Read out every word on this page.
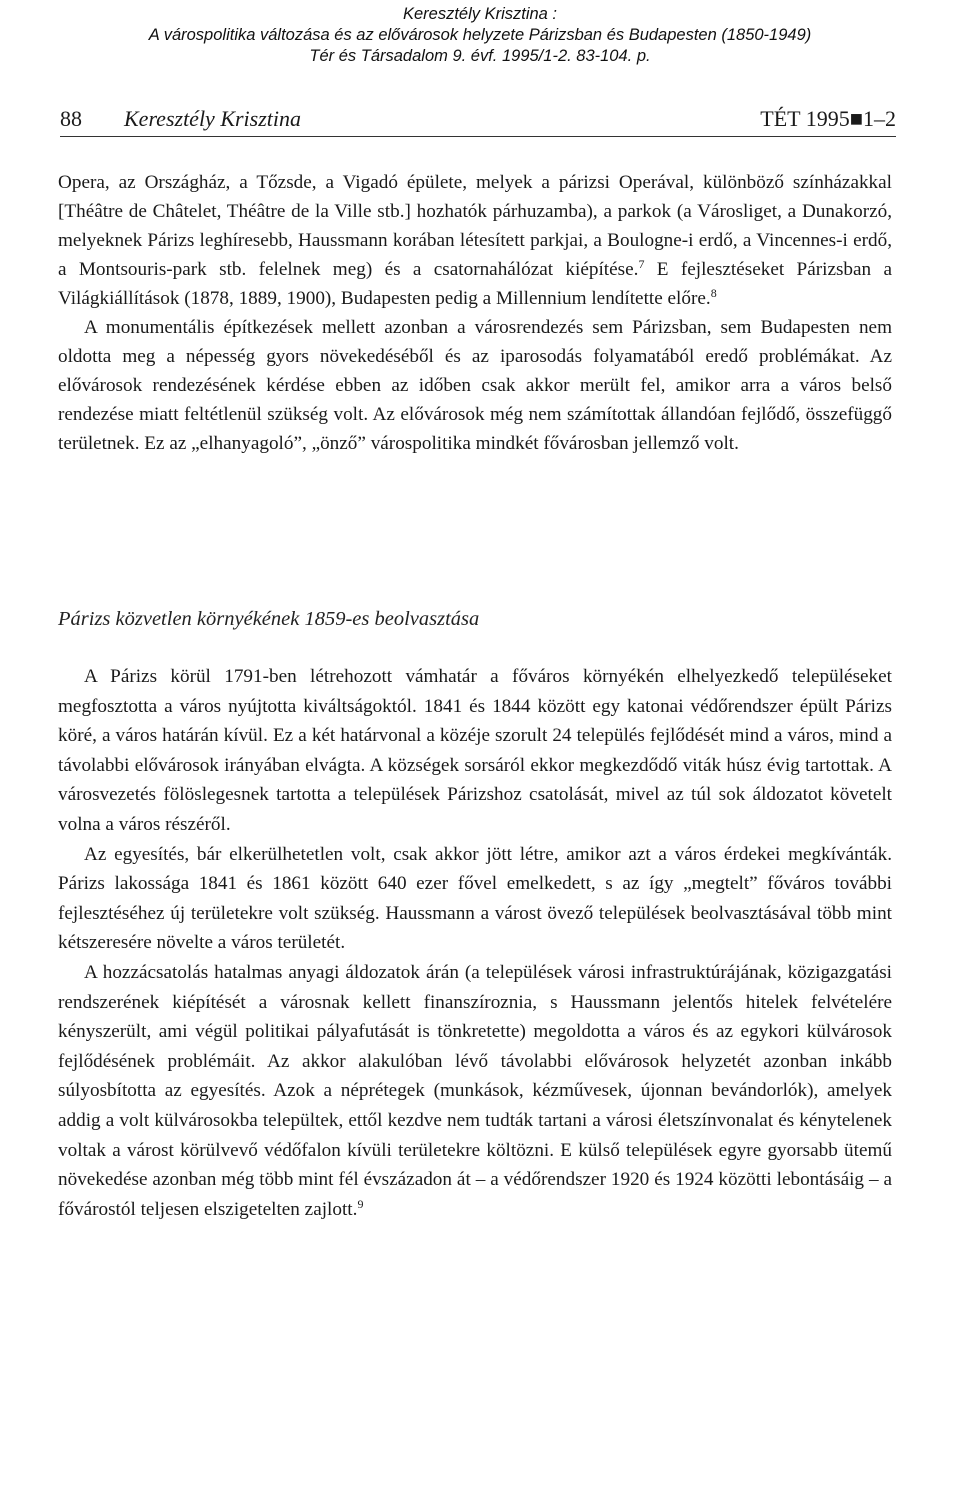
Keresztély Krisztina :
A várospolitika változása és az elővárosok helyzete Párizsban és Budapesten (1850-1949)
Tér és Társadalom 9. évf. 1995/1-2. 83-104. p.
88 Keresztély Krisztina	TÉT 1995■1–2

Opera, az Országház, a Tőzsde, a Vigadó épülete, melyek a párizsi Operával, különböző színházakkal [Théâtre de Châtelet, Théâtre de la Ville stb.] hozhatók párhuzamba), a parkok (a Városliget, a Dunakorzó, melyeknek Párizs leghíresebb, Haussmann korában létesített parkjai, a Boulogne-i erdő, a Vincennes-i erdő, a Montsouris-park stb. felelnek meg) és a csatornahálózat kiépítése.$^7$ E fejlesztéseket Párizsban a Világkiállítások (1878, 1889, 1900), Budapesten pedig a Millennium lendítette előre.$^8$

A monumentális építkezések mellett azonban a városrendezés sem Párizsban, sem Budapesten nem oldotta meg a népesség gyors növekedéséből és az iparosodás folyamatából eredő problémákat. Az elővárosok rendezésének kérdése ebben az időben csak akkor merült fel, amikor arra a város belső rendezése miatt feltétlenül szükség volt. Az elővárosok még nem számítottak állandóan fejlődő, összefüggő területnek. Ez az „elhanyagoló”, „önző” várospolitika mindkét fővárosban jellemző volt.

Párizs közvetlen környékének 1859-es beolvasztása

A Párizs körül 1791-ben létrehozott vámhatár a főváros környékén elhelyezkedő településeket megfosztotta a város nyújtotta kiváltságoktól. 1841 és 1844 között egy katonai védőrendszer épült Párizs köré, a város határán kívül. Ez a két határvonal a közéje szorult 24 település fejlődését mind a város, mind a távolabbi elővárosok irányában elvágta. A községek sorsáról ekkor megkezdődő viták húsz évig tartottak. A városvezetés fölöslegesnek tartotta a települések Párizshoz csatolását, mivel az túl sok áldozatot követelt volna a város részéről.

Az egyesítés, bár elkerülhetetlen volt, csak akkor jött létre, amikor azt a város érdekei megkívánták. Párizs lakossága 1841 és 1861 között 640 ezer fővel emelkedett, s az így „megtelt” főváros további fejlesztéséhez új területekre volt szükség. Haussmann a várost övező települések beolvasztásával több mint kétszeresére növelte a város területét.

A hozzácsatolás hatalmas anyagi áldozatok árán (a települések városi infrastruktúrájának, közigazgatási rendszerének kiépítését a városnak kellett finanszíroznia, s Haussmann jelentős hitelek felvételére kényszerült, ami végül politikai pályafutását is tönkretette) megoldotta a város és az egykori külvárosok fejlődésének problémáit. Az akkor alakulóban lévő távolabbi elővárosok helyzetét azonban inkább súlyosbította az egyesítés. Azok a néprétegek (munkások, kézművesek, újonnan bevándorlók), amelyek addig a volt külvárosokba települtek, ettől kezdve nem tudták tartani a városi életszínvonalat és kénytelenek voltak a várost körülvevő védőfalon kívüli területekre költözni. E külső települések egyre gyorsabb ütemű növekedése azonban még több mint fél évszázadon át – a védőrendszer 1920 és 1924 közötti lebontásáig – a fővárostól teljesen elszigetelten zajlott.$^9$
